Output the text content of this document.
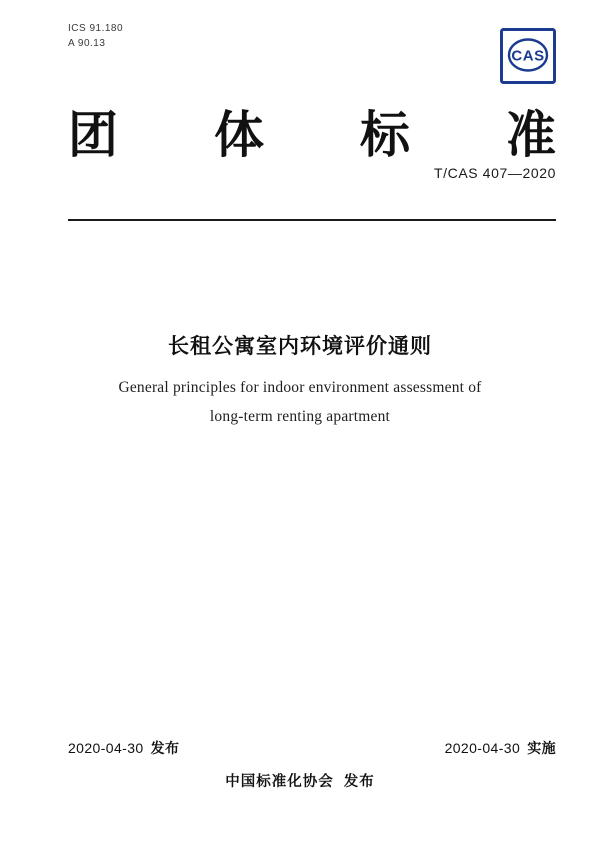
ICS 91.180
A 90.13
CAS
团 体 标 准
T/CAS 407—2020
长租公寓室内环境评价通则
General principles for indoor environment assessment of
long-term renting apartment
2020-04-30 发布	2020-04-30 实施
中国标准化协会 发布
